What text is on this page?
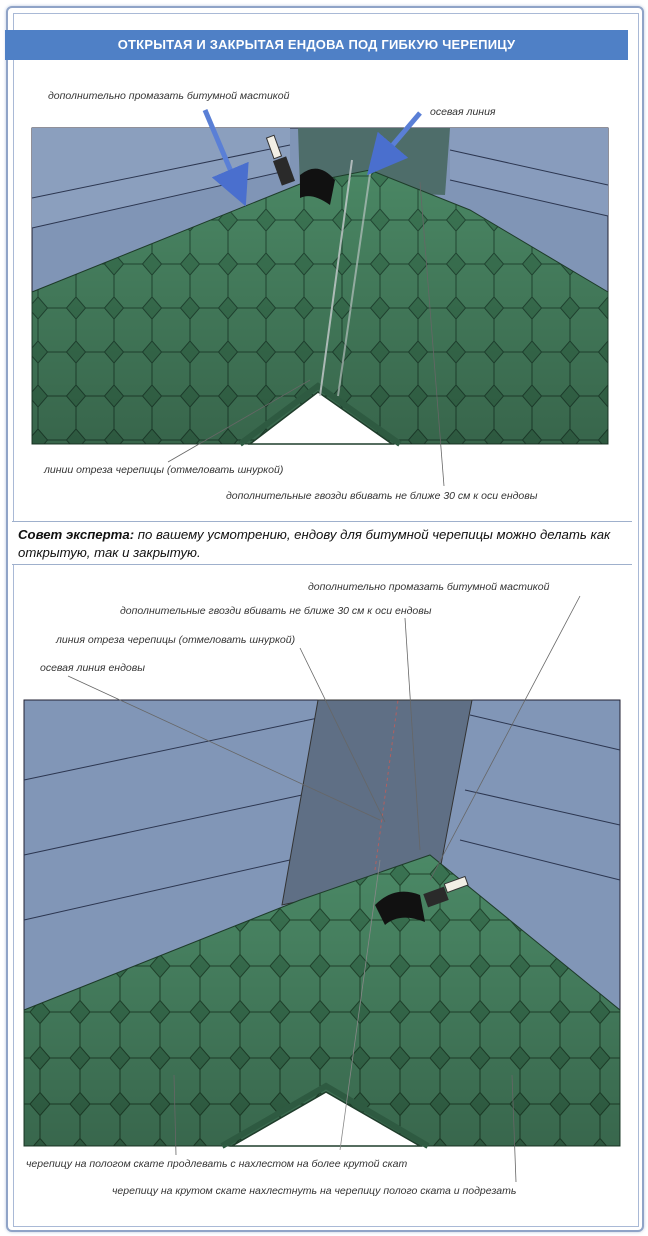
ОТКРЫТАЯ И ЗАКРЫТАЯ ЕНДОВА ПОД ГИБКУЮ ЧЕРЕПИЦУ
дополнительно промазать битумной мастикой
осевая линия
линии отреза черепицы (отмеловать шнуркой)
дополнительные гвозди вбивать не ближе 30 см к оси ендовы

Совет эксперта: по вашему усмотрению, ендову для битумной черепицы можно делать как открытую, так и закрытую.

дополнительно промазать битумной мастикой
дополнительные гвозди вбивать не ближе 30 см к оси ендовы
линия отреза черепицы (отмеловать шнуркой)
осевая линия ендовы
черепицу на пологом скате продлевать с нахлестом на более крутой скат
черепицу на крутом скате нахлестнуть на черепицу полого ската и подрезать
